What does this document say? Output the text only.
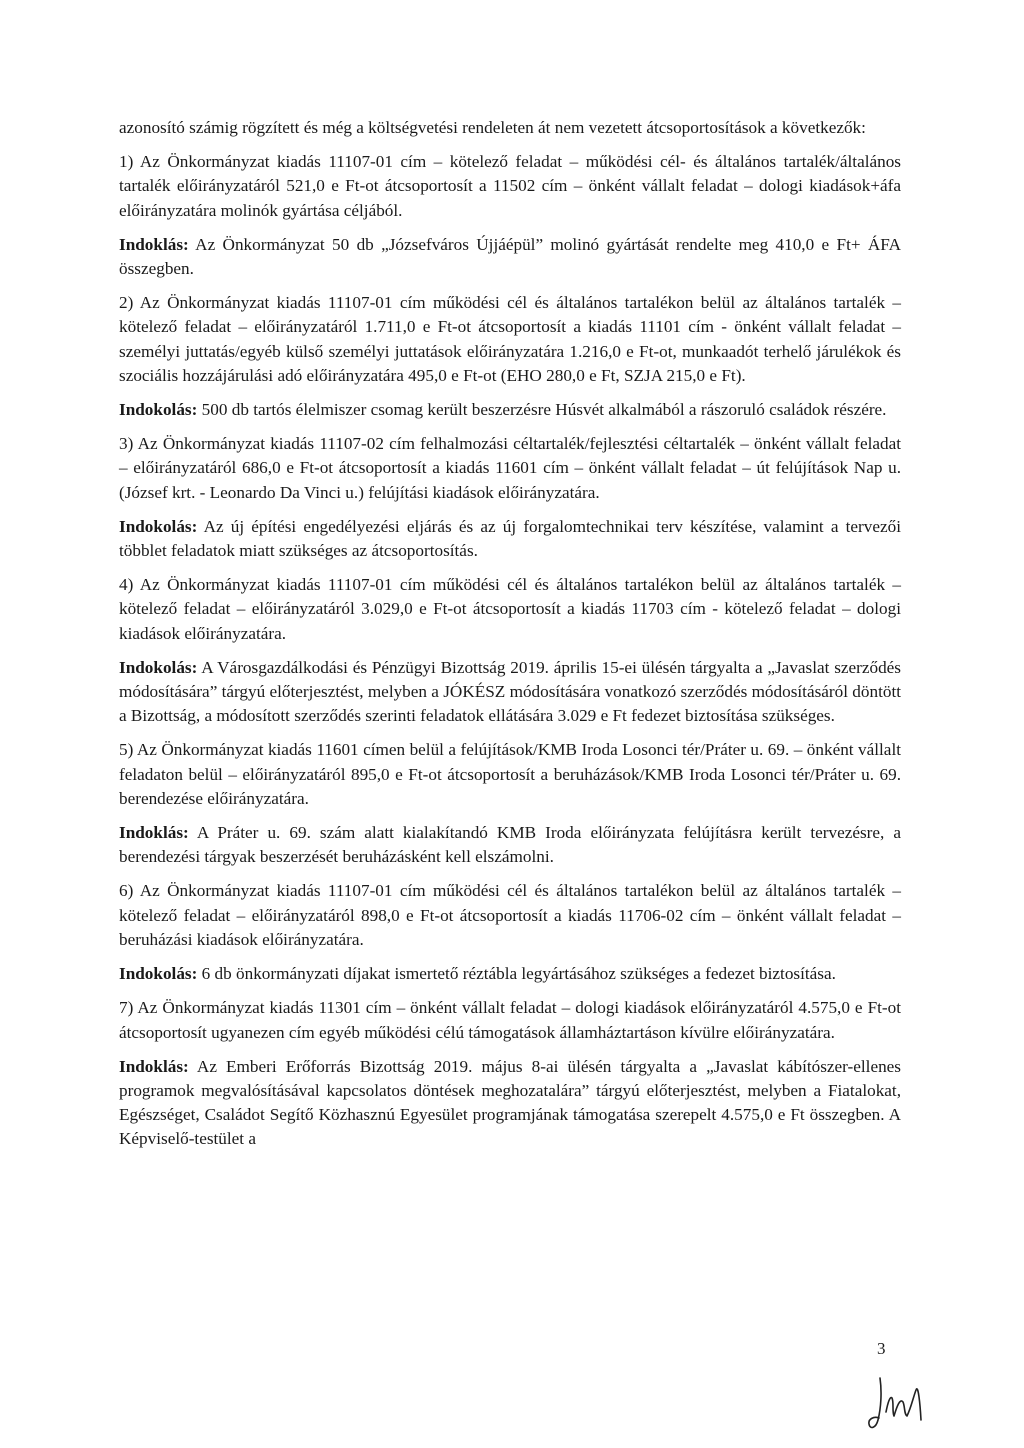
azonosító számig rögzített és még a költségvetési rendeleten át nem vezetett átcsoportosítások a következők:

1) Az Önkormányzat kiadás 11107-01 cím – kötelező feladat – működési cél- és általános tartalék/általános tartalék előirányzatáról 521,0 e Ft-ot átcsoportosít a 11502 cím – önként vállalt feladat – dologi kiadások+áfa előirányzatára molinók gyártása céljából.

Indoklás: Az Önkormányzat 50 db „Józsefváros Újjáépül” molinó gyártását rendelte meg 410,0 e Ft+ ÁFA összegben.

2) Az Önkormányzat kiadás 11107-01 cím működési cél és általános tartalékon belül az általános tartalék – kötelező feladat – előirányzatáról 1.711,0 e Ft-ot átcsoportosít a kiadás 11101 cím - önként vállalt feladat – személyi juttatás/egyéb külső személyi juttatások előirányzatára 1.216,0 e Ft-ot, munkaadót terhelő járulékok és szociális hozzájárulási adó előirányzatára 495,0 e Ft-ot (EHO 280,0 e Ft, SZJA 215,0 e Ft).

Indokolás: 500 db tartós élelmiszer csomag került beszerzésre Húsvét alkalmából a rászoruló családok részére.

3) Az Önkormányzat kiadás 11107-02 cím felhalmozási céltartalék/fejlesztési céltartalék – önként vállalt feladat – előirányzatáról 686,0 e Ft-ot átcsoportosít a kiadás 11601 cím – önként vállalt feladat – út felújítások Nap u. (József krt. - Leonardo Da Vinci u.) felújítási kiadások előirányzatára.

Indokolás: Az új építési engedélyezési eljárás és az új forgalomtechnikai terv készítése, valamint a tervezői többlet feladatok miatt szükséges az átcsoportosítás.

4) Az Önkormányzat kiadás 11107-01 cím működési cél és általános tartalékon belül az általános tartalék – kötelező feladat – előirányzatáról 3.029,0 e Ft-ot átcsoportosít a kiadás 11703 cím - kötelező feladat – dologi kiadások előirányzatára.

Indokolás: A Városgazdálkodási és Pénzügyi Bizottság 2019. április 15-ei ülésén tárgyalta a „Javaslat szerződés módosítására” tárgyú előterjesztést, melyben a JÓKÉSZ módosítására vonatkozó szerződés módosításáról döntött a Bizottság, a módosított szerződés szerinti feladatok ellátására 3.029 e Ft fedezet biztosítása szükséges.

5) Az Önkormányzat kiadás 11601 címen belül a felújítások/KMB Iroda Losonci tér/Práter u. 69. – önként vállalt feladaton belül – előirányzatáról 895,0 e Ft-ot átcsoportosít a beruházások/KMB Iroda Losonci tér/Práter u. 69. berendezése előirányzatára.

Indoklás: A Práter u. 69. szám alatt kialakítandó KMB Iroda előirányzata felújításra került tervezésre, a berendezési tárgyak beszerzését beruházásként kell elszámolni.

6) Az Önkormányzat kiadás 11107-01 cím működési cél és általános tartalékon belül az általános tartalék – kötelező feladat – előirányzatáról 898,0 e Ft-ot átcsoportosít a kiadás 11706-02 cím – önként vállalt feladat – beruházási kiadások előirányzatára.

Indokolás: 6 db önkormányzati díjakat ismertető réztábla legyártásához szükséges a fedezet biztosítása.

7) Az Önkormányzat kiadás 11301 cím – önként vállalt feladat – dologi kiadások előirányzatáról 4.575,0 e Ft-ot átcsoportosít ugyanezen cím egyéb működési célú támogatások államháztartáson kívülre előirányzatára.

Indoklás: Az Emberi Erőforrás Bizottság 2019. május 8-ai ülésén tárgyalta a „Javaslat kábítószer-ellenes programok megvalósításával kapcsolatos döntések meghozatalára” tárgyú előterjesztést, melyben a Fiatalokat, Egészséget, Családot Segítő Közhasznú Egyesület programjának támogatása szerepelt 4.575,0 e Ft összegben. A Képviselő-testület a

3
